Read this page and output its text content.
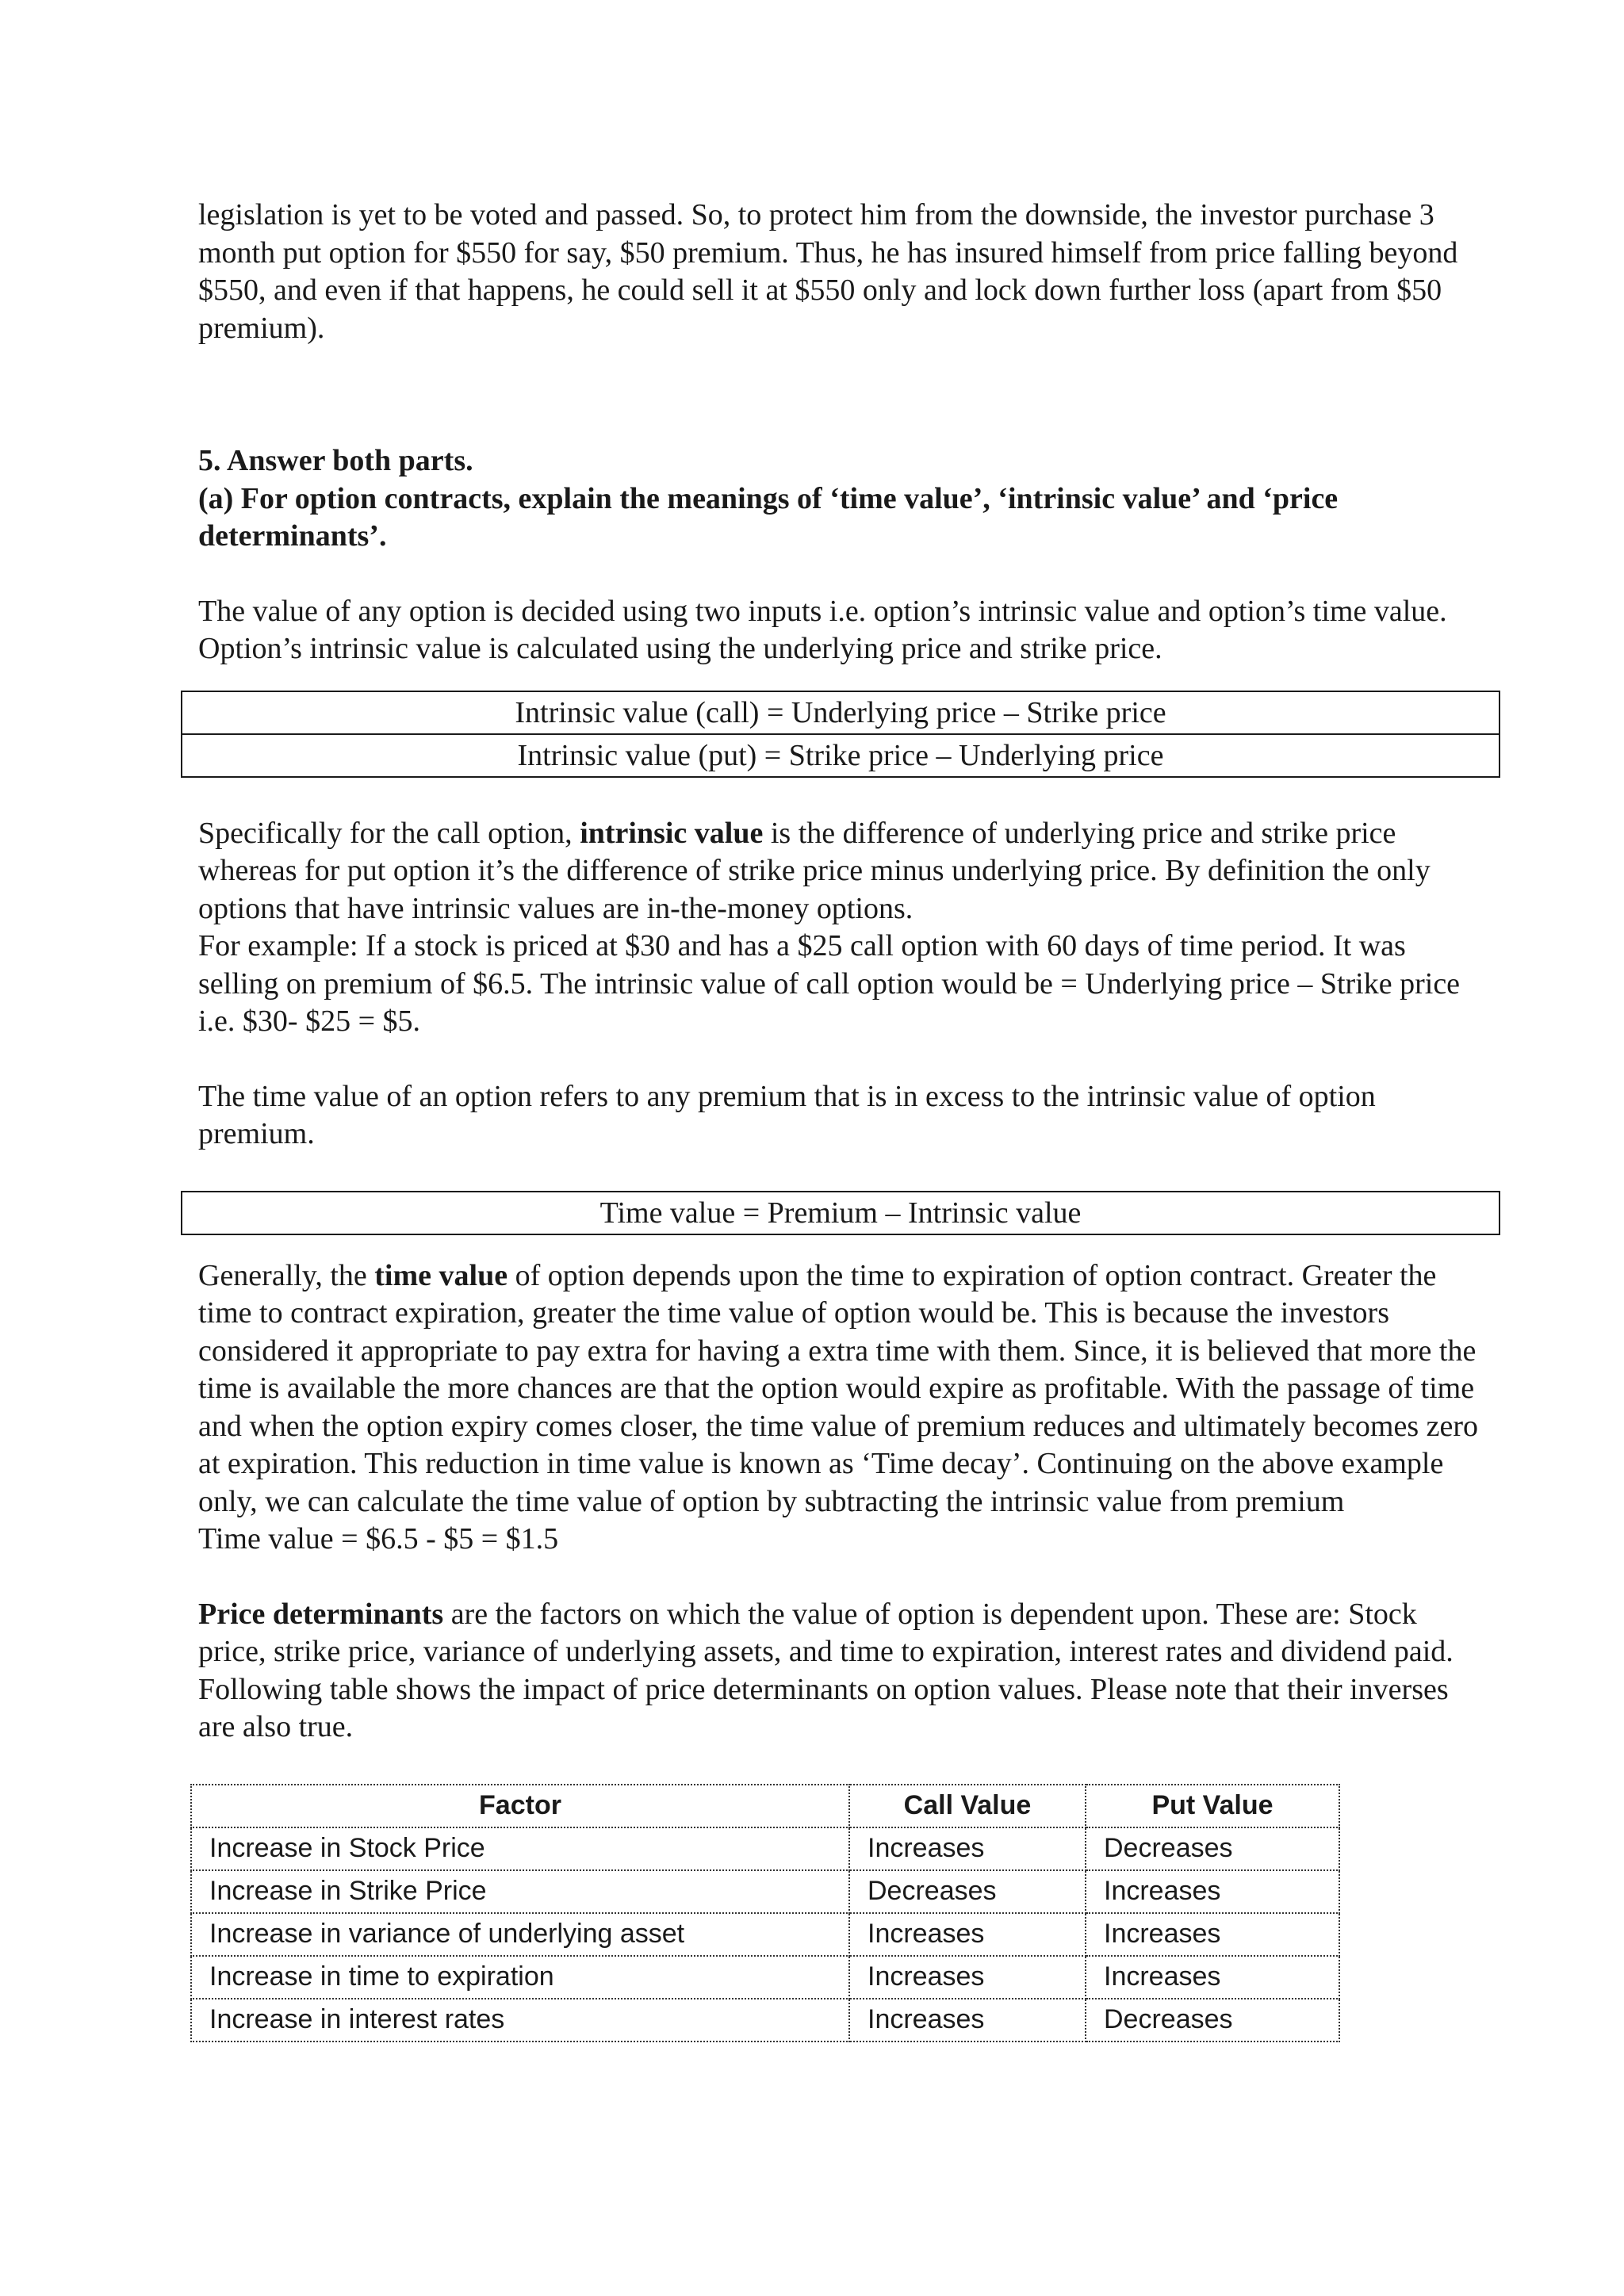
legislation is yet to be voted and passed. So, to protect him from the downside, the investor purchase 3 month put option for $550 for say, $50 premium. Thus, he has insured himself from price falling beyond $550, and even if that happens, he could sell it at $550 only and lock down further loss (apart from $50 premium).

5. Answer both parts.

(a) For option contracts, explain the meanings of ‘time value’, ‘intrinsic value’ and ‘price determinants’.

The value of any option is decided using two inputs i.e. option’s intrinsic value and option’s time value. Option’s intrinsic value is calculated using the underlying price and strike price.

Intrinsic value (call) = Underlying price – Strike price
Intrinsic value (put) = Strike price – Underlying price

Specifically for the call option, intrinsic value is the difference of underlying price and strike price whereas for put option it’s the difference of strike price minus underlying price. By definition the only options that have intrinsic values are in-the-money options.

For example: If a stock is priced at $30 and has a $25 call option with 60 days of time period. It was selling on premium of $6.5. The intrinsic value of call option would be = Underlying price – Strike price i.e. $30- $25 = $5.

The time value of an option refers to any premium that is in excess to the intrinsic value of option premium.

Time value = Premium – Intrinsic value

Generally, the time value of option depends upon the time to expiration of option contract. Greater the time to contract expiration, greater the time value of option would be. This is because the investors considered it appropriate to pay extra for having a extra time with them. Since, it is believed that more the time is available the more chances are that the option would expire as profitable. With the passage of time and when the option expiry comes closer, the time value of premium reduces and ultimately becomes zero at expiration. This reduction in time value is known as ‘Time decay’. Continuing on the above example only, we can calculate the time value of option by subtracting the intrinsic value from premium

Time value = $6.5 - $5 = $1.5

Price determinants are the factors on which the value of option is dependent upon. These are: Stock price, strike price, variance of underlying assets, and time to expiration, interest rates and dividend paid. Following table shows the impact of price determinants on option values. Please note that their inverses are also true.

Factor	Call Value	Put Value
Increase in Stock Price	Increases	Decreases
Increase in Strike Price	Decreases	Increases
Increase in variance of underlying asset	Increases	Increases
Increase in time to expiration	Increases	Increases
Increase in interest rates	Increases	Decreases
